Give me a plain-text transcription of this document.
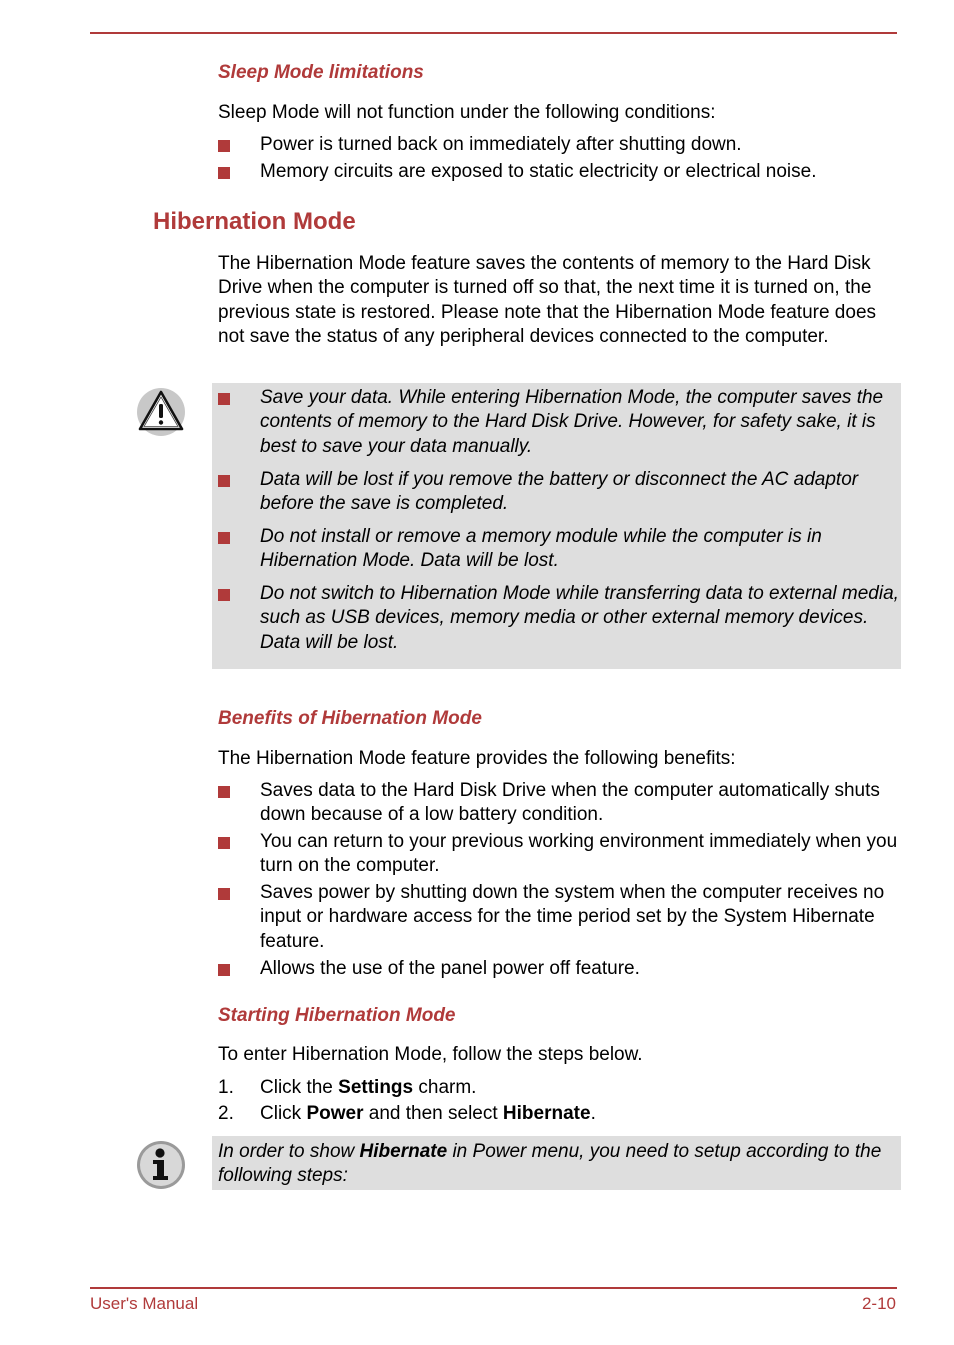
Sleep Mode limitations
Sleep Mode will not function under the following conditions:
Power is turned back on immediately after shutting down.
Memory circuits are exposed to static electricity or electrical noise.
Hibernation Mode
The Hibernation Mode feature saves the contents of memory to the Hard Disk Drive when the computer is turned off so that, the next time it is turned on, the previous state is restored. Please note that the Hibernation Mode feature does not save the status of any peripheral devices connected to the computer.
Save your data. While entering Hibernation Mode, the computer saves the contents of memory to the Hard Disk Drive. However, for safety sake, it is best to save your data manually.
Data will be lost if you remove the battery or disconnect the AC adaptor before the save is completed.
Do not install or remove a memory module while the computer is in Hibernation Mode. Data will be lost.
Do not switch to Hibernation Mode while transferring data to external media, such as USB devices, memory media or other external memory devices. Data will be lost.
Benefits of Hibernation Mode
The Hibernation Mode feature provides the following benefits:
Saves data to the Hard Disk Drive when the computer automatically shuts down because of a low battery condition.
You can return to your previous working environment immediately when you turn on the computer.
Saves power by shutting down the system when the computer receives no input or hardware access for the time period set by the System Hibernate feature.
Allows the use of the panel power off feature.
Starting Hibernation Mode
To enter Hibernation Mode, follow the steps below.
1. Click the Settings charm.
2. Click Power and then select Hibernate.
In order to show Hibernate in Power menu, you need to setup according to the following steps:
User's Manual	2-10
